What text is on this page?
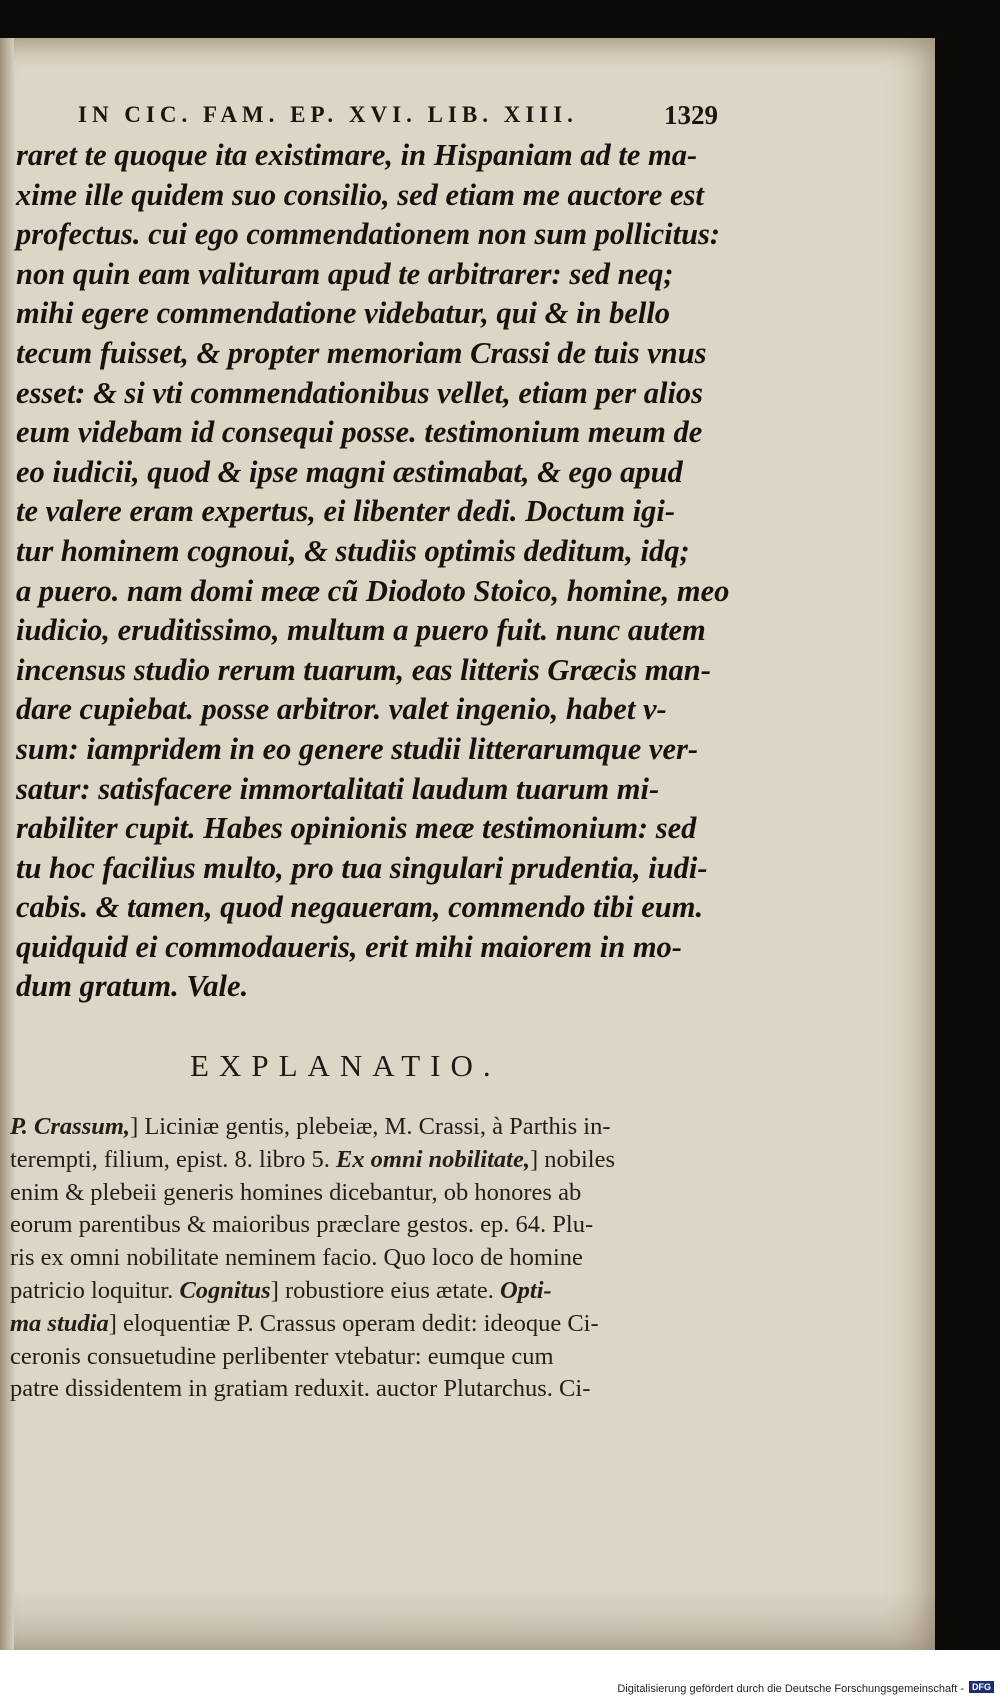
IN CIC. FAM. EP. XVI. LIB. XIII.	1329
raret te quoque ita existimare, in Hispaniam ad te ma-
xime ille quidem suo consilio, sed etiam me auctore est
profectus. cui ego commendationem non sum pollicitus:
non quin eam valituram apud te arbitrarer: sed neq;
mihi egere commendatione videbatur, qui & in bello
tecum fuisset, & propter memoriam Crassi de tuis vnus
esset: & si vti commendationibus vellet, etiam per alios
eum videbam id consequi posse. testimonium meum de
eo iudicii, quod & ipse magni æstimabat, & ego apud
te valere eram expertus, ei libenter dedi. Doctum igi-
tur hominem cognoui, & studiis optimis deditum, idq;
a puero. nam domi meæ cũ Diodoto Stoico, homine, meo
iudicio, eruditissimo, multum a puero fuit. nunc autem
incensus studio rerum tuarum, eas litteris Græcis man-
dare cupiebat. posse arbitror. valet ingenio, habet v-
sum: iampridem in eo genere studii litterarumque ver-
satur: satisfacere immortalitati laudum tuarum mi-
rabiliter cupit. Habes opinionis meæ testimonium: sed
tu hoc facilius multo, pro tua singulari prudentia, iudi-
cabis. & tamen, quod negaueram, commendo tibi eum.
quidquid ei commodaueris, erit mihi maiorem in mo-
dum gratum. Vale.
EXPLANATIO.
P. Crassum,] Liciniæ gentis, plebeiæ, M. Crassi, à Parthis in-
terempti, filium, epist. 8. libro 5. Ex omni nobilitate,] nobiles
enim & plebeii generis homines dicebantur, ob honores ab
eorum parentibus & maioribus præclare gestos. ep. 64. Plu-
ris ex omni nobilitate neminem facio. Quo loco de homine
patricio loquitur. Cognitus] robustiore eius ætate. Opti-
ma studia] eloquentiæ P. Crassus operam dedit: ideoque Ci-
ceronis consuetudine perlibenter vtebatur: eumque cum
patre dissidentem in gratiam reduxit. auctor Plutarchus. Ci-
Digitalisierung gefördert durch die Deutsche Forschungsgemeinschaft - DFG
